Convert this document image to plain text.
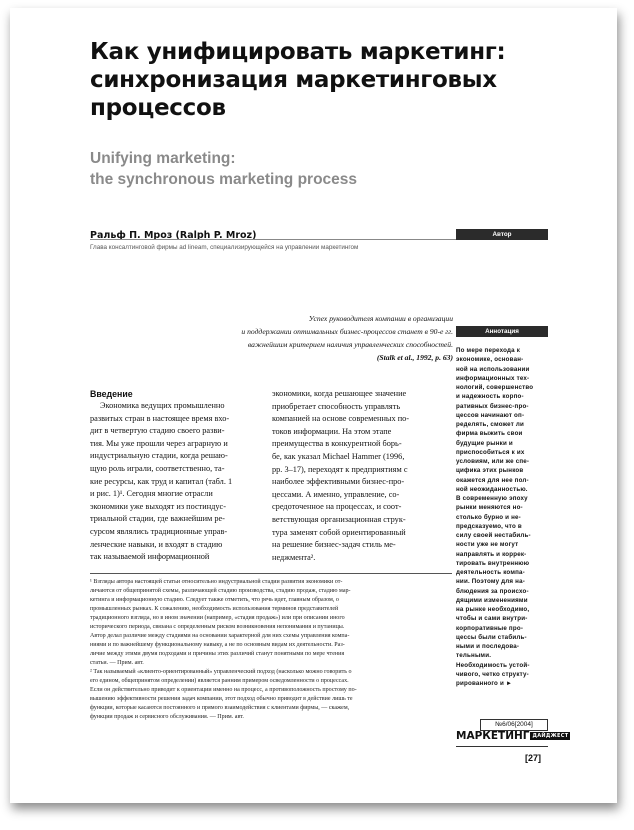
Как унифицировать маркетинг:
синхронизация маркетинговых
процессов
Unifying marketing:
the synchronous marketing process
Ральф П. Мроз (Ralph P. Mroz)
Глава консалтинговой фирмы ad lineam, специализирующейся на управлении маркетингом
Автор
Успех руководителя компании в организации
и поддержании оптимальных бизнес-процессов станет в 90-е гг.
важнейшим критерием наличия управленческих способностей.
(Stalk et al., 1992, p. 63)
Аннотация
Введение
Экономика ведущих промышленно
развитых стран в настоящее время вхо-
дит в четвертую стадию своего разви-
тия. Мы уже прошли через аграрную и
индустриальную стадии, когда решаю-
щую роль играли, соответственно, та-
кие ресурсы, как труд и капитал (табл. 1
и рис. 1)¹. Сегодня многие отрасли
экономики уже выходят из постиндус-
триальной стадии, где важнейшим ре-
сурсом являлись традиционные управ-
ленческие навыки, и входят в стадию
так называемой информационной
экономики, когда решающее значение
приобретает способность управлять
компанией на основе современных по-
токов информации. На этом этапе
преимущества в конкурентной борь-
бе, как указал Michael Hammer (1996,
pp. 3–17), переходят к предприятиям с
наиболее эффективными бизнес-про-
цессами. А именно, управление, со-
средоточенное на процессах, и соот-
ветствующая организационная струк-
тура заменят собой ориентированный
на решение бизнес-задач стиль ме-
неджмента².
¹ Взгляды автора настоящей статьи относительно индустриальной стадии развития экономики от-
личаются от общепринятой схемы, различающей стадию производства, стадию продаж, стадию мар-
кетинга и информационную стадию. Следует также отметить, что речь идет, главным образом, о
промышленных рынках. К сожалению, необходимость использования терминов представителей
традиционного взгляда, но в ином значении (например, «стадия продаж») или при описании иного
исторического периода, связана с определенным риском возникновения непонимания и путаницы.
Автор делал различие между стадиями на основании характерной для них схемы управления компа-
ниями и по важнейшему функциональному навыку, а не по основным видам их деятельности. Раз-
личие между этими двумя подходами и причины этих различий станут понятными по мере чтения
статьи. — Прим. авт.
² Так называемый «клиенто-ориентированный» управленческий подход (насколько можно говорить о
его едином, общепринятом определении) является ранним примером осведомленности о процессах.
Если он действительно приводит к ориентации именно на процесс, а противоположность простому по-
вышению эффективности решения задач компании, этот подход обычно приводит в действие лишь те
функции, которые касаются постоянного и прямого взаимодействия с клиентами фирмы, — скажем,
функции продаж и сервисного обслуживания. — Прим. авт.
По мере перехода к
экономике, основан-
ной на использовании
информационных тех-
нологий, совершенство
и надежность корпо-
ративных бизнес-про-
цессов начинают оп-
ределять, сможет ли
фирма выжить свои
будущие рынки и
приспособиться к их
условиям, или же спе-
цифика этих рынков
окажется для нее пол-
ной неожиданностью.
В современную эпоху
рынки меняются но-
столько бурно и не-
предсказуемо, что в
силу своей нестабиль-
ности уже не могут
направлять и коррек-
тировать внутреннюю
деятельность компа-
нии. Поэтому для на-
блюдения за происхо-
дящими изменениями
на рынке необходимо,
чтобы и сами внутри-
корпоративные про-
цессы были стабиль-
ными и последова-
тельными.
Необходимость устой-
чивого, четко структу-
рированного и ►
№6/06[2004]
МАРКЕТИНГ ДАЙДЖЕСТ
[27]
